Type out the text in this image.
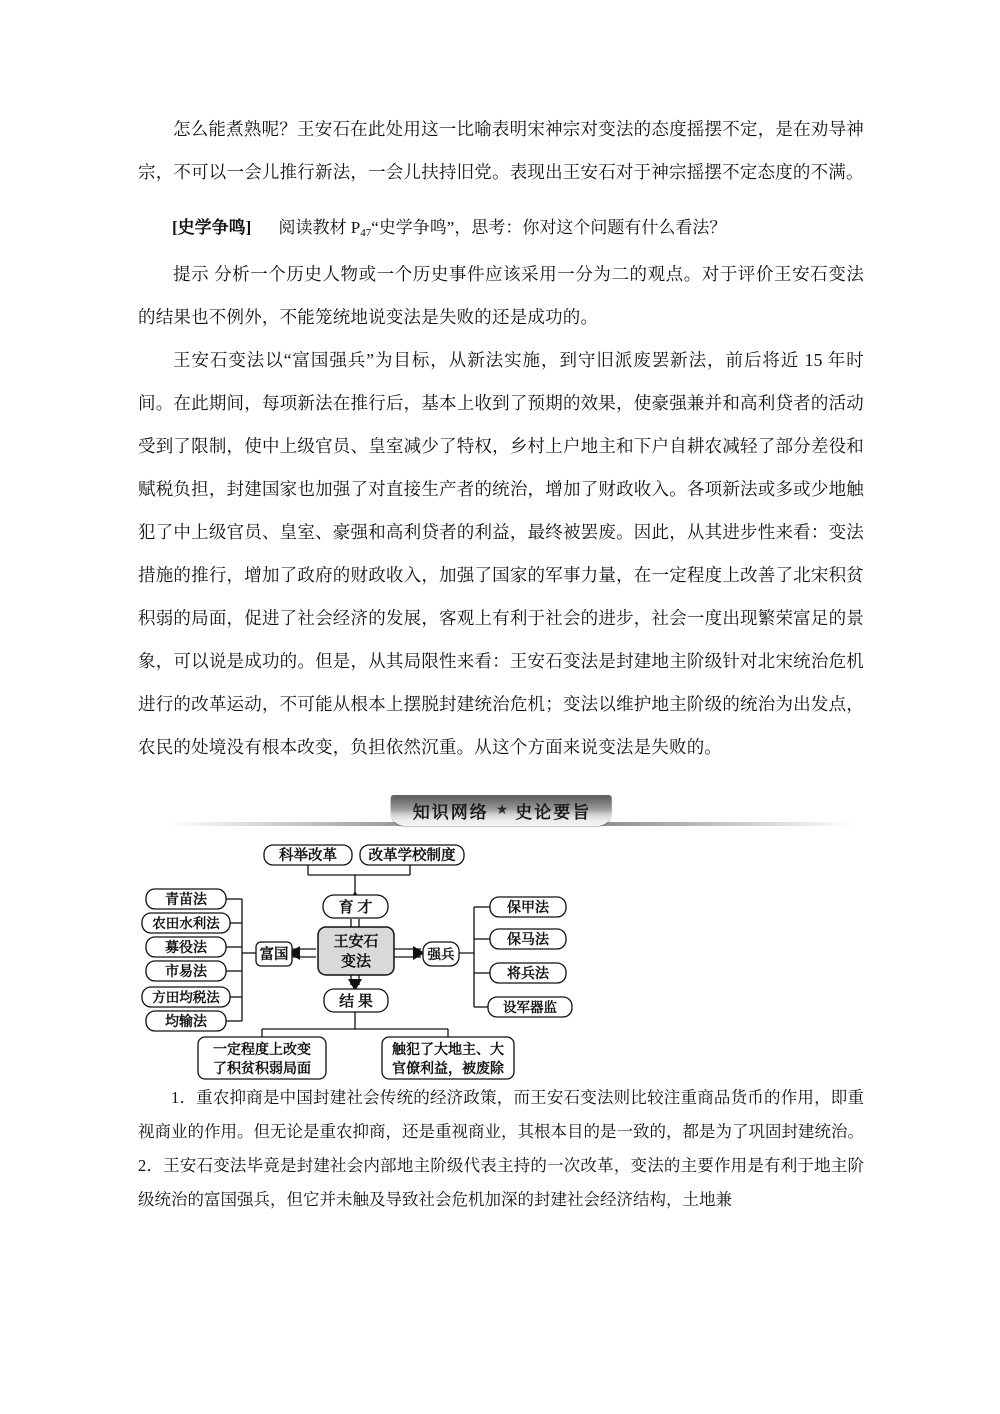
怎么能煮熟呢？王安石在此处用这一比喻表明宋神宗对变法的态度摇摆不定，是在劝导神宗，不可以一会儿推行新法，一会儿扶持旧党。表现出王安石对于神宗摇摆不定态度的不满。

[史学争鸣] 阅读教材 $P_{47}“$史学争鸣”，思考：你对这个问题有什么看法？

提示 分析一个历史人物或一个历史事件应该采用一分为二的观点。对于评价王安石变法的结果也不例外，不能笼统地说变法是失败的还是成功的。

王安石变法以“富国强兵”为目标，从新法实施，到守旧派废罢新法，前后将近 15 年时间。在此期间，每项新法在推行后，基本上收到了预期的效果，使豪强兼并和高利贷者的活动受到了限制，使中上级官员、皇室减少了特权，乡村上户地主和下户自耕农减轻了部分差役和赋税负担，封建国家也加强了对直接生产者的统治，增加了财政收入。各项新法或多或少地触犯了中上级官员、皇室、豪强和高利贷者的利益，最终被罢废。因此，从其进步性来看：变法措施的推行，增加了政府的财政收入，加强了国家的军事力量，在一定程度上改善了北宋积贫积弱的局面，促进了社会经济的发展，客观上有利于社会的进步，社会一度出现繁荣富足的景象，可以说是成功的。但是，从其局限性来看：王安石变法是封建地主阶级针对北宋统治危机进行的改革运动，不可能从根本上摆脱封建统治危机；变法以维护地主阶级的统治为出发点，农民的处境没有根本改变，负担依然沉重。从这个方面来说变法是失败的。

知识网络 ★ 史论要旨
科举改革 改革学校制度
育 才
王安石
变法
富国	强兵
结 果
青苗法
农田水利法
募役法
市易法
方田均税法
均输法
保甲法
保马法
将兵法
设军器监
一定程度上改变
了积贫积弱局面
触犯了大地主、大
官僚利益，被废除

1．重农抑商是中国封建社会传统的经济政策，而王安石变法则比较注重商品货币的作用，即重视商业的作用。但无论是重农抑商，还是重视商业，其根本目的是一致的，都是为了巩固封建统治。

2．王安石变法毕竟是封建社会内部地主阶级代表主持的一次改革，变法的主要作用是有利于地主阶级统治的富国强兵，但它并未触及导致社会危机加深的封建社会经济结构，土地兼
